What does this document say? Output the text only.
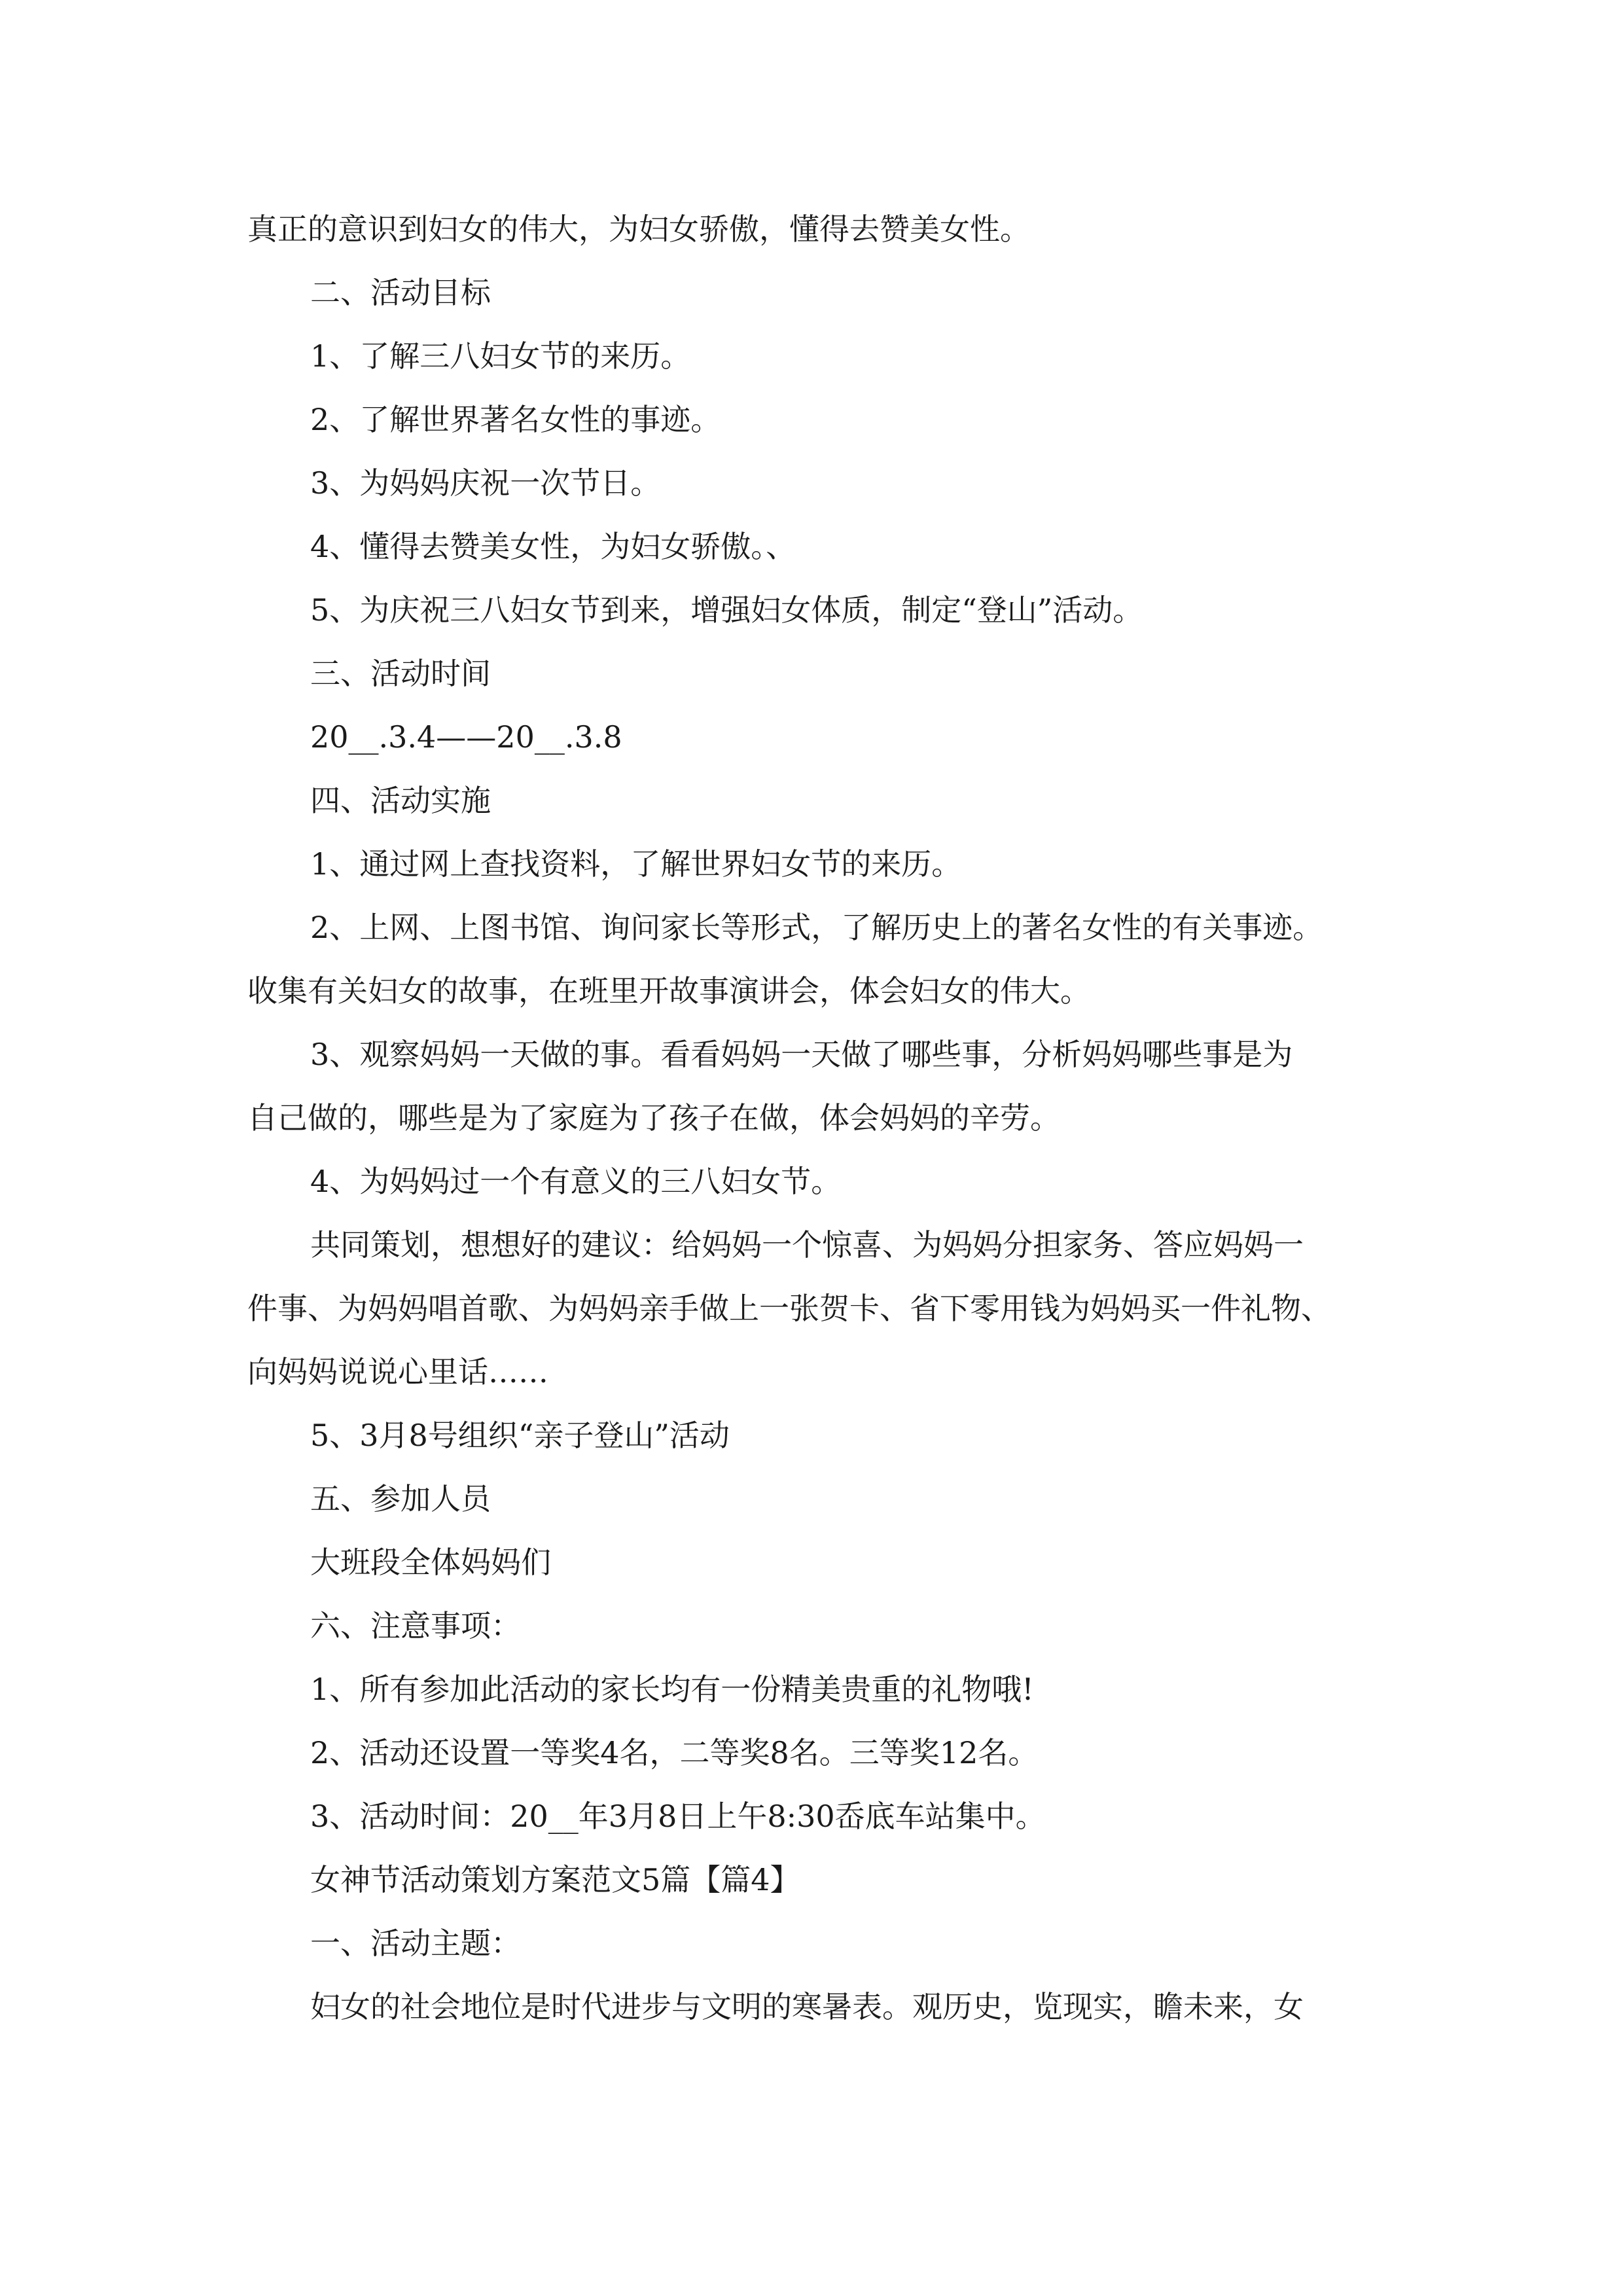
真正的意识到妇女的伟大，为妇女骄傲，懂得去赞美女性。
二、活动目标
1、了解三八妇女节的来历。
2、了解世界著名女性的事迹。
3、为妈妈庆祝一次节日。
4、懂得去赞美女性，为妇女骄傲。、
5、为庆祝三八妇女节到来，增强妇女体质，制定“登山”活动。
三、活动时间
20__.3.4——20__.3.8
四、活动实施
1、通过网上查找资料，了解世界妇女节的来历。
2、上网、上图书馆、询问家长等形式，了解历史上的著名女性的有关事迹。
收集有关妇女的故事，在班里开故事演讲会，体会妇女的伟大。
3、观察妈妈一天做的事。看看妈妈一天做了哪些事，分析妈妈哪些事是为
自己做的，哪些是为了家庭为了孩子在做，体会妈妈的辛劳。
4、为妈妈过一个有意义的三八妇女节。
共同策划，想想好的建议：给妈妈一个惊喜、为妈妈分担家务、答应妈妈一
件事、为妈妈唱首歌、为妈妈亲手做上一张贺卡、省下零用钱为妈妈买一件礼物、
向妈妈说说心里话……
5、3月8号组织“亲子登山”活动
五、参加人员
大班段全体妈妈们
六、注意事项：
1、所有参加此活动的家长均有一份精美贵重的礼物哦!
2、活动还设置一等奖4名，二等奖8名。三等奖12名。
3、活动时间：20__年3月8日上午8:30岙底车站集中。
女神节活动策划方案范文5篇【篇4】
一、活动主题：
妇女的社会地位是时代进步与文明的寒暑表。观历史，览现实，瞻未来，女
